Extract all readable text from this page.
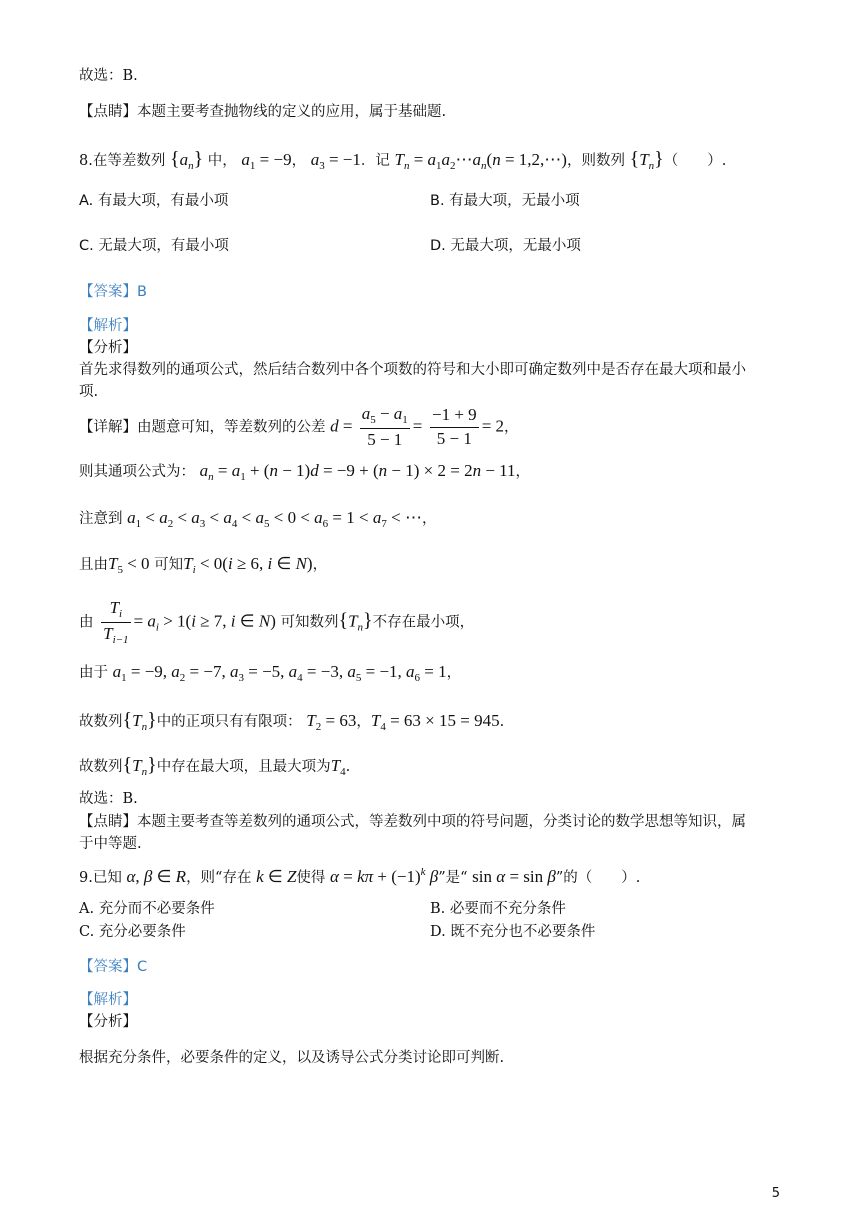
故选：B.
【点睛】本题主要考查抛物线的定义的应用，属于基础题.
8.在等差数列 $\{a_n\}$ 中， $a_1 = -9$， $a_3 = -1$．记 $T_n$ = $a_1a_2\cdots a_n(n$ = 1,2,⋯)，则数列 $\{T_n\}$（　　）.
A. 有最大项，有最小项	B. 有最大项，无最小项
C. 无最大项，有最小项	D. 无最大项，无最小项
【答案】B
【解析】
【分析】
首先求得数列的通项公式，然后结合数列中各个项数的符号和大小即可确定数列中是否存在最大项和最小
项.
【详解】由题意可知，等差数列的公差 $d = \frac{a_5 - a_1}{5 - 1} = \frac{-1 + 9}{5 - 1} = 2$，
则其通项公式为： $a_n = a_1 + (n - 1)d = -9 + (n - 1) \times 2 = 2n - 11$，
注意到 $a_1 < a_2 < a_3 < a_4 < a_5 < 0 < a_6 = 1 < a_7$ < ⋯，
且由$T_5 < 0$ 可知$T_i < 0(i \ge 6$, i ∈ N)，
由 $\frac{T_i}{T_{i-1}} = a_i > 1(i \ge 7$, i ∈ N) 可知数列$\{T_n\}$不存在最小项，
由于 $a_1 = -9$, $a_2 = -7$, $a_3 = -5$, $a_4 = -3$, $a_5 = -1$, $a_6 = 1$，
故数列$\{T_n\}$中的正项只有有限项： $T_2 = 63$，$T_4 = 63 \times 15 = 945$.
故数列$\{T_n\}$中存在最大项，且最大项为$T_4$.
故选：B.
【点睛】本题主要考查等差数列的通项公式，等差数列中项的符号问题，分类讨论的数学思想等知识，属
于中等题.
9.已知 α, β ∈ R，则“存在 k ∈ Z使得 $\alpha = k\pi + (-1)^k$ β”是“ sin α = sin β”的（　　）.
A. 充分而不必要条件	B. 必要而不充分条件
C. 充分必要条件	D. 既不充分也不必要条件
【答案】C
【解析】
【分析】
根据充分条件，必要条件的定义，以及诱导公式分类讨论即可判断.
5
